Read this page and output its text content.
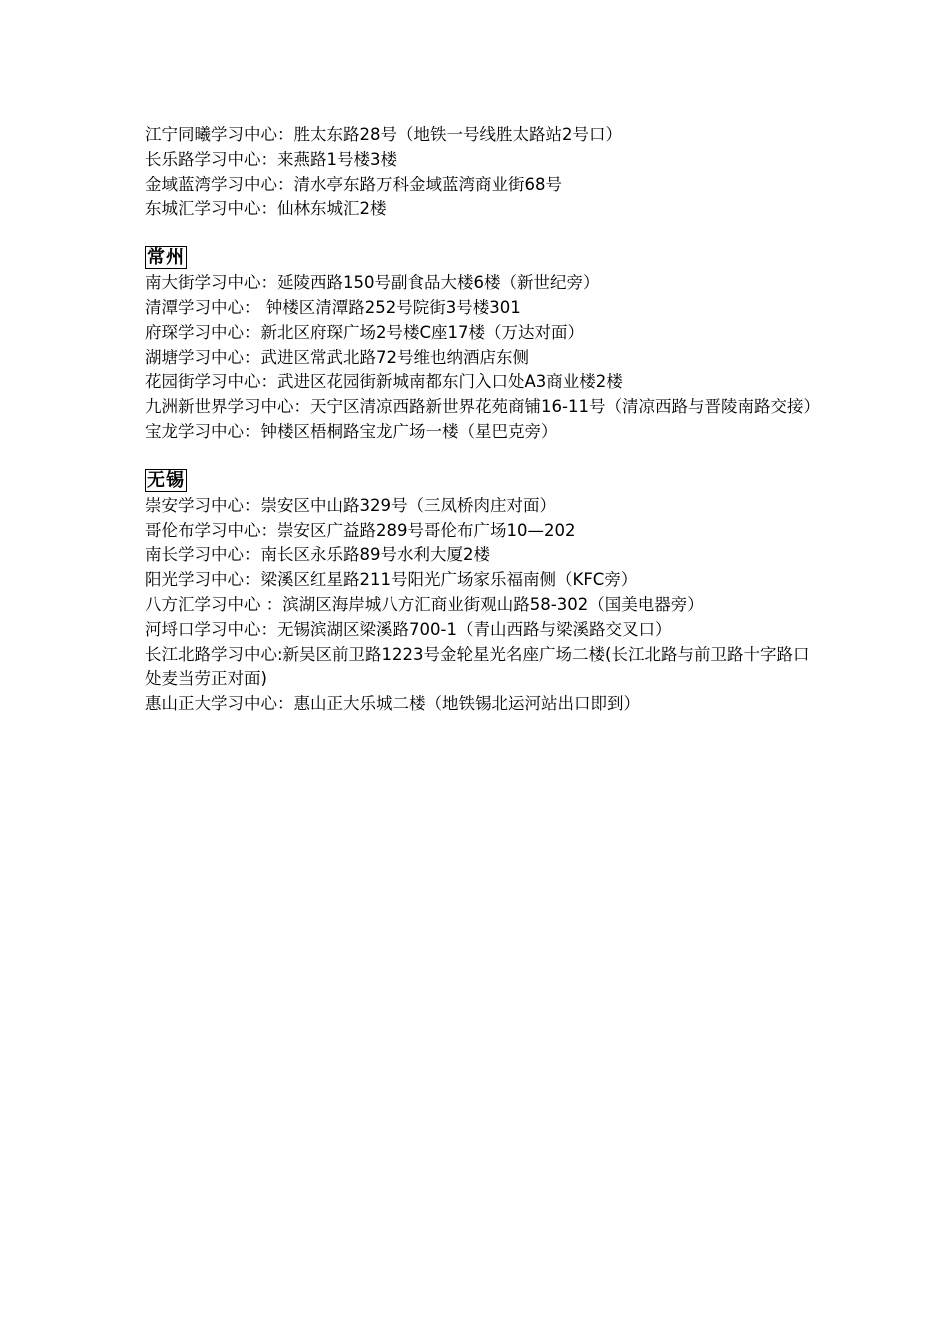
江宁同曦学习中心：胜太东路28号（地铁一号线胜太路站2号口）
长乐路学习中心：来燕路1号楼3楼
金域蓝湾学习中心：清水亭东路万科金域蓝湾商业街68号
东城汇学习中心：仙林东城汇2楼
常州
南大街学习中心：延陵西路150号副食品大楼6楼（新世纪旁）
清潭学习中心： 钟楼区清潭路252号院街3号楼301
府琛学习中心：新北区府琛广场2号楼C座17楼（万达对面）
湖塘学习中心：武进区常武北路72号维也纳酒店东侧
花园街学习中心：武进区花园街新城南都东门入口处A3商业楼2楼
九洲新世界学习中心：天宁区清凉西路新世界花苑商铺16-11号（清凉西路与晋陵南路交接）
宝龙学习中心：钟楼区梧桐路宝龙广场一楼（星巴克旁）
无锡
崇安学习中心：崇安区中山路329号（三凤桥肉庄对面）
哥伦布学习中心：崇安区广益路289号哥伦布广场10—202
南长学习中心：南长区永乐路89号水利大厦2楼
阳光学习中心：梁溪区红星路211号阳光广场家乐福南侧（KFC旁）
八方汇学习中心 ：滨湖区海岸城八方汇商业街观山路58-302（国美电器旁）
河埒口学习中心：无锡滨湖区梁溪路700-1（青山西路与梁溪路交叉口）
长江北路学习中心:新吴区前卫路1223号金轮星光名座广场二楼(长江北路与前卫路十字路口处麦当劳正对面)
惠山正大学习中心：惠山正大乐城二楼（地铁锡北运河站出口即到）
